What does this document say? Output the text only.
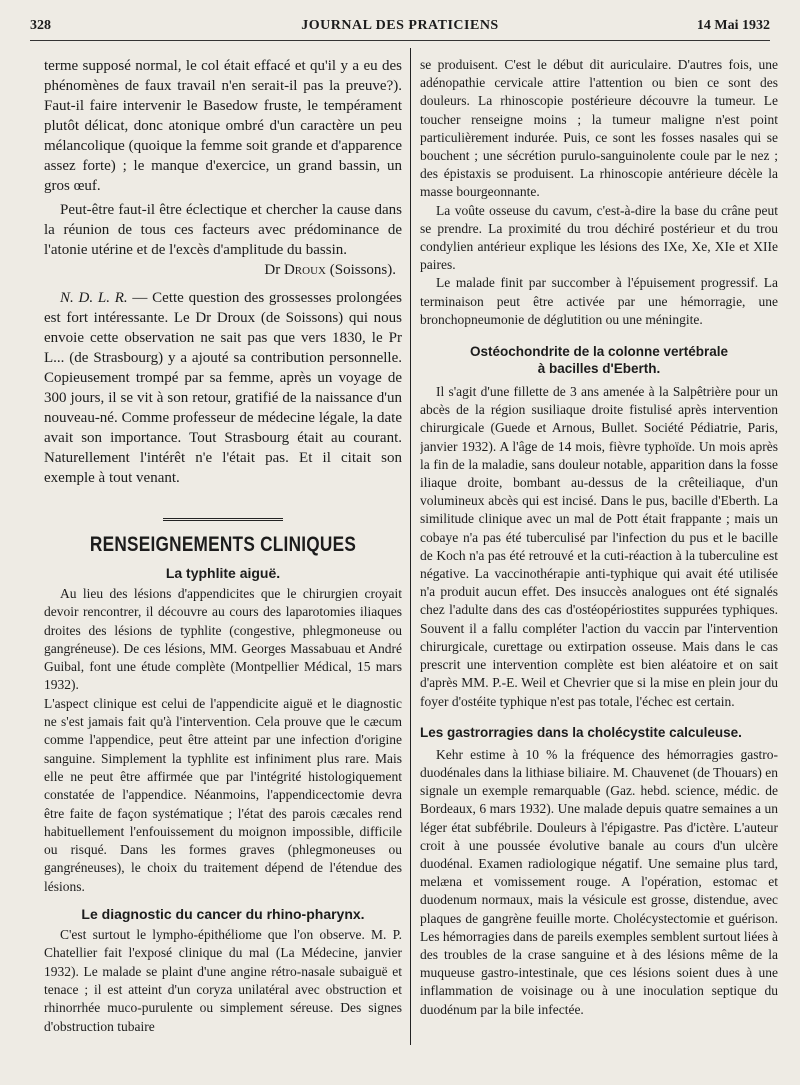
328	JOURNAL DES PRATICIENS	14 Mai 1932

terme supposé normal, le col était effacé et qu'il y a eu des phénomènes de faux travail n'en serait-il pas la preuve?). Faut-il faire intervenir le Basedow fruste, le tempérament plutôt délicat, donc atonique ombré d'un caractère un peu mélancolique (quoique la femme soit grande et d'apparence assez forte) ; le manque d'exercice, un grand bassin, un gros œuf.

Peut-être faut-il être éclectique et chercher la cause dans la réunion de tous ces facteurs avec prédominance de l'atonie utérine et de l'excès d'amplitude du bassin.

Dr Droux (Soissons).

N. D. L. R. — Cette question des grossesses prolongées est fort intéressante. Le Dr Droux (de Soissons) qui nous envoie cette observation ne sait pas que vers 1830, le Pr L... (de Strasbourg) y a ajouté sa contribution personnelle. Copieusement trompé par sa femme, après un voyage de 300 jours, il se vit à son retour, gratifié de la naissance d'un nouveau-né. Comme professeur de médecine légale, la date avait son importance. Tout Strasbourg était au courant. Naturellement l'intérêt n'e l'était pas. Et il citait son exemple à tout venant.

RENSEIGNEMENTS CLINIQUES
La typhlite aiguë.

Au lieu des lésions d'appendicites que le chirurgien croyait devoir rencontrer, il découvre au cours des laparotomies iliaques droites des lésions de typhlite (congestive, phlegmoneuse ou gangréneuse). De ces lésions, MM. Georges Massabuau et André Guibal, font une étude complète (Montpellier Médical, 15 mars 1932).

L'aspect clinique est celui de l'appendicite aiguë et le diagnostic ne s'est jamais fait qu'à l'intervention. Cela prouve que le cæcum comme l'appendice, peut être atteint par une infection d'origine sanguine. Simplement la typhlite est infiniment plus rare. Mais elle ne peut être affirmée que par l'intégrité histologiquement constatée de l'appendice. Néanmoins, l'appendicectomie devra être faite de façon systématique ; l'état des parois cæcales rend habituellement l'enfouissement du moignon impossible, difficile ou risqué. Dans les formes graves (phlegmoneuses ou gangréneuses), le choix du traitement dépend de l'étendue des lésions.

Le diagnostic du cancer du rhino-pharynx.

C'est surtout le lympho-épithéliome que l'on observe. M. P. Chatellier fait l'exposé clinique du mal (La Médecine, janvier 1932). Le malade se plaint d'une angine rétro-nasale subaiguë et tenace ; il est atteint d'un coryza unilatéral avec obstruction et rhinorrhée muco-purulente ou simplement séreuse. Des signes d'obstruction tubaire

se produisent. C'est le début dit auriculaire. D'autres fois, une adénopathie cervicale attire l'attention ou bien ce sont des douleurs. La rhinoscopie postérieure découvre la tumeur. Le toucher renseigne moins ; la tumeur maligne n'est point particulièrement indurée. Puis, ce sont les fosses nasales qui se bouchent ; une sécrétion purulo-sanguinolente coule par le nez ; des épistaxis se produisent. La rhinoscopie antérieure décèle la masse bourgeonnante.

La voûte osseuse du cavum, c'est-à-dire la base du crâne peut se prendre. La proximité du trou déchiré postérieur et du trou condylien antérieur explique les lésions des IXe, Xe, XIe et XIIe paires.

Le malade finit par succomber à l'épuisement progressif. La terminaison peut être activée par une hémorragie, une bronchopneumonie de déglutition ou une méningite.

Ostéochondrite de la colonne vertébrale
à bacilles d'Eberth.

Il s'agit d'une fillette de 3 ans amenée à la Salpêtrière pour un abcès de la région susiliaque droite fistulisé après intervention chirurgicale (Guede et Arnous, Bullet. Société Pédiatrie, Paris, janvier 1932). A l'âge de 14 mois, fièvre typhoïde. Un mois après la fin de la maladie, sans douleur notable, apparition dans la fosse iliaque droite, bombant au-dessus de la crêteiliaque, d'un volumineux abcès qui est incisé. Dans le pus, bacille d'Eberth. La similitude clinique avec un mal de Pott était frappante ; mais un cobaye n'a pas été tuberculisé par l'infection du pus et le bacille de Koch n'a pas été retrouvé et la cuti-réaction à la tuberculine est négative. La vaccinothérapie anti-typhique qui avait été utilisée n'a produit aucun effet. Des insuccès analogues ont été signalés chez l'adulte dans des cas d'ostéopériostites suppurées typhiques. Souvent il a fallu compléter l'action du vaccin par l'intervention chirurgicale, curettage ou extirpation osseuse. Mais dans le cas prescrit une intervention complète est bien aléatoire et on sait d'après MM. P.-E. Weil et Chevrier que si la mise en plein jour du foyer d'ostéite typhique n'est pas totale, l'échec est certain.

Les gastrorragies dans la cholécystite calculeuse.

Kehr estime à 10 % la fréquence des hémorragies gastro-duodénales dans la lithiase biliaire. M. Chauvenet (de Thouars) en signale un exemple remarquable (Gaz. hebd. science, médic. de Bordeaux, 6 mars 1932). Une malade depuis quatre semaines a un léger état subfébrile. Douleurs à l'épigastre. Pas d'ictère. L'auteur croit à une poussée évolutive banale au cours d'un ulcère duodénal. Examen radiologique négatif. Une semaine plus tard, melæna et vomissement rouge. A l'opération, estomac et duodenum normaux, mais la vésicule est grosse, distendue, avec plaques de gangrène feuille morte. Cholécystectomie et guérison. Les hémorragies dans de pareils exemples semblent surtout liées à des troubles de la crase sanguine et à des lésions même de la muqueuse gastro-intestinale, que ces lésions soient dues à une inflammation de voisinage ou à une inoculation septique du duodénum par la bile infectée.
